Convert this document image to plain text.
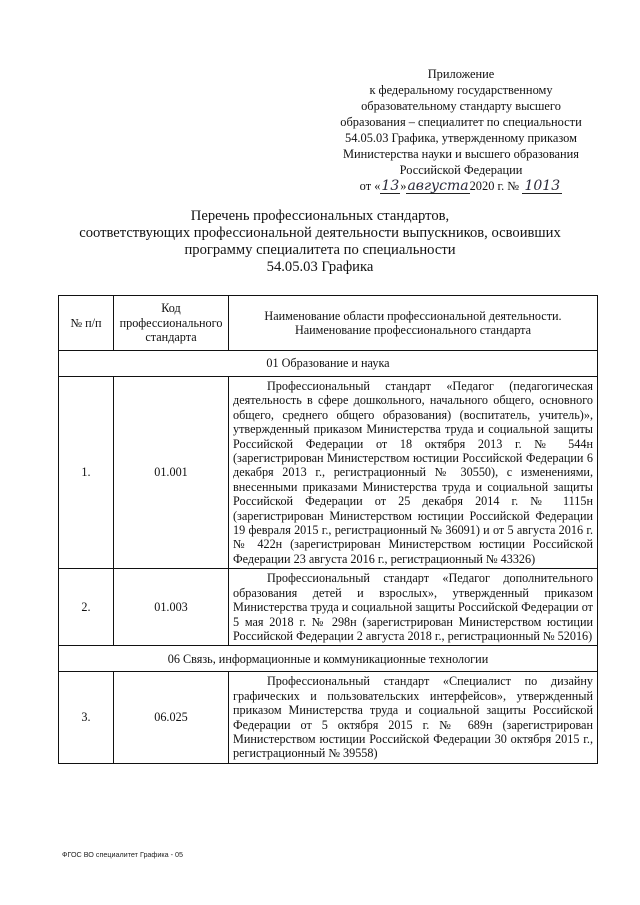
Приложение
к федеральному государственному
образовательному стандарту высшего
образования – специалитет по специальности
54.05.03 Графика, утвержденному приказом
Министерства науки и высшего образования
Российской Федерации
от «13»августа2020 г. № 1013
Перечень профессиональных стандартов,
соответствующих профессиональной деятельности выпускников, освоивших
программу специалитета по специальности
54.05.03 Графика
№ п/п	Код профессионального стандарта	Наименование области профессиональной деятельности. Наименование профессионального стандарта
01 Образование и наука		
1.	01.001	Профессиональный стандарт «Педагог (педагогическая деятельность в сфере дошкольного, начального общего, основного общего, среднего общего образования) (воспитатель, учитель)», утвержденный приказом Министерства труда и социальной защиты Российской Федерации от 18 октября 2013 г. № 544н (зарегистрирован Министерством юстиции Российской Федерации 6 декабря 2013 г., регистрационный № 30550), с изменениями, внесенными приказами Министерства труда и социальной защиты Российской Федерации от 25 декабря 2014 г. № 1115н (зарегистрирован Министерством юстиции Российской Федерации 19 февраля 2015 г., регистрационный № 36091) и от 5 августа 2016 г. № 422н (зарегистрирован Министерством юстиции Российской Федерации 23 августа 2016 г., регистрационный № 43326)
2.	01.003	Профессиональный стандарт «Педагог дополнительного образования детей и взрослых», утвержденный приказом Министерства труда и социальной защиты Российской Федерации от 5 мая 2018 г. № 298н (зарегистрирован Министерством юстиции Российской Федерации 2 августа 2018 г., регистрационный № 52016)
06 Связь, информационные и коммуникационные технологии		
3.	06.025	Профессиональный стандарт «Специалист по дизайну графических и пользовательских интерфейсов», утвержденный приказом Министерства труда и социальной защиты Российской Федерации от 5 октября 2015 г. № 689н (зарегистрирован Министерством юстиции Российской Федерации 30 октября 2015 г., регистрационный № 39558)
ФГОС ВО специалитет Графика - 05
